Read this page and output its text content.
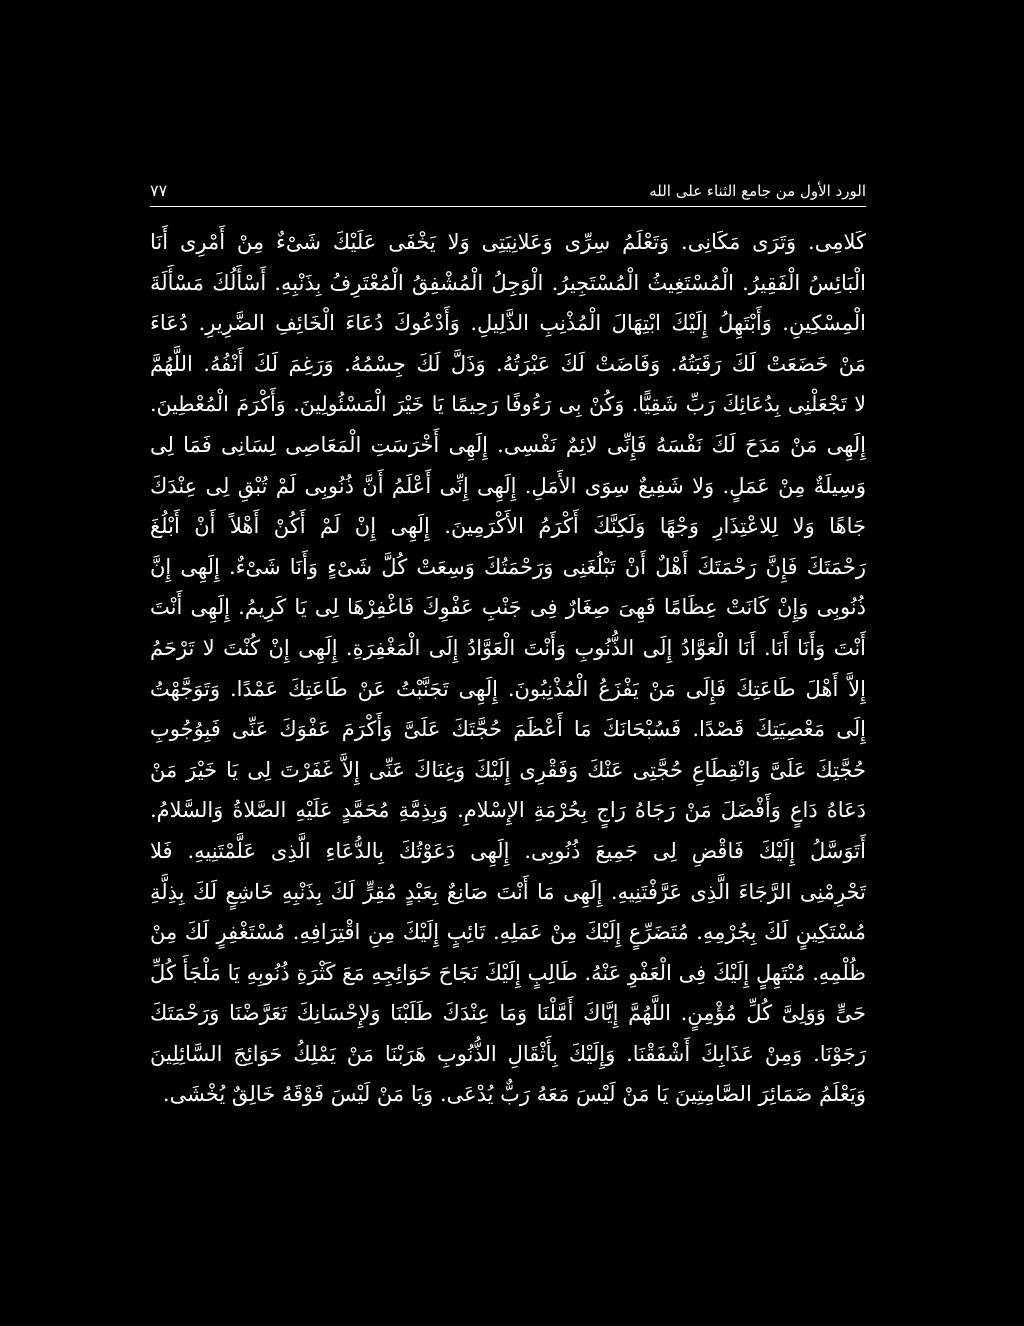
الورد الأول من جامع الثناء على الله
٧٧
كَلامِى. وَتَرَى مَكَانِى. وَتَعْلَمُ سِرِّى وَعَلانِيَتِى وَلا يَخْفَى عَلَيْكَ شَىْءٌ مِنْ أَمْرِى أَنَا
الْبَائِسُ الْفَقِيرُ. الْمُسْتَغِيثُ الْمُسْتَجِيرُ. الْوَجِلُ الْمُشْفِقُ الْمُعْتَرِفُ بِذَنْبِهِ. أَسْأَلُكَ مَسْأَلَةَ
الْمِسْكِينِ. وَأَبْتَهِلُ إِلَيْكَ ابْتِهَالَ الْمُذْنِبِ الذَّلِيلِ. وَأَدْعُوكَ دُعَاءَ الْخَائِفِ الضَّرِيرِ. دُعَاءَ
مَنْ خَضَعَتْ لَكَ رَقَبَتُهُ. وَفَاضَتْ لَكَ عَبْرَتُهُ. وَذَلَّ لَكَ جِسْمُهُ. وَرَغِمَ لَكَ أَنْفُهُ. اللَّهُمَّ
لا تَجْعَلْنِى بِدُعَائِكَ رَبِّ شَقِيًّا. وَكُنْ بِى رَءُوفًا رَحِيمًا يَا خَيْرَ الْمَسْئُولِينَ. وَأَكْرَمَ الْمُعْطِينَ.
إِلَهِى مَنْ مَدَحَ لَكَ نَفْسَهُ فَإِنِّى لائِمٌ نَفْسِى. إِلَهِى أَخْرَسَتِ الْمَعَاصِى لِسَانِى فَمَا لِى
وَسِيلَةٌ مِنْ عَمَلٍ. وَلا شَفِيعٌ سِوَى الأَمَلِ. إِلَهِى إِنِّى أَعْلَمُ أَنَّ ذُنُوبِى لَمْ تُبْقِ لِى عِنْدَكَ
جَاهًا وَلا لِلاعْتِذَارِ وَجْهًا وَلَكِنَّكَ أَكْرَمُ الأَكْرَمِينَ. إِلَهِى إِنْ لَمْ أَكُنْ أَهْلاً أَنْ أَبْلُغَ
رَحْمَتَكَ فَإِنَّ رَحْمَتَكَ أَهْلٌ أَنْ تَبْلُغَنِى وَرَحْمَتُكَ وَسِعَتْ كُلَّ شَىْءٍ وَأَنَا شَىْءٌ. إِلَهِى إِنَّ
ذُنُوبِى وَإِنْ كَانَتْ عِظَامًا فَهِىَ صِغَارٌ فِى جَنْبِ عَفْوِكَ فَاغْفِرْهَا لِى يَا كَرِيمُ. إِلَهِى أَنْتَ
أَنْتَ وَأَنَا أَنَا. أَنَا الْعَوَّادُ إِلَى الذُّنُوبِ وَأَنْتَ الْعَوَّادُ إِلَى الْمَغْفِرَةِ. إِلَهِى إِنْ كُنْتَ لا تَرْحَمُ
إِلاَّ أَهْلَ طَاعَتِكَ فَإِلَى مَنْ يَفْزَعُ الْمُذْنِبُونَ. إِلَهِى تَجَنَّبْتُ عَنْ طَاعَتِكَ عَمْدًا. وَتَوَجَّهْتُ
إِلَى مَعْصِيَتِكَ قَصْدًا. فَسُبْحَانَكَ مَا أَعْظَمَ حُجَّتَكَ عَلَىَّ وَأَكْرَمَ عَفْوَكَ عَنِّى فَبِوُجُوبِ
حُجَّتِكَ عَلَىَّ وَانْقِطَاعِ حُجَّتِى عَنْكَ وَفَقْرِى إِلَيْكَ وَغِنَاكَ عَنِّى إِلاَّ غَفَرْتَ لِى يَا خَيْرَ مَنْ
دَعَاهُ دَاعٍ وَأَفْضَلَ مَنْ رَجَاهُ رَاجٍ بِحُرْمَةِ الإِسْلامِ. وَبِذِمَّةِ مُحَمَّدٍ عَلَيْهِ الصَّلاةُ وَالسَّلامُ.
أَتَوَسَّلُ إِلَيْكَ فَاقْضِ لِى جَمِيعَ ذُنُوبِى. إِلَهِى دَعَوْتُكَ بِالدُّعَاءِ الَّذِى عَلَّمْتَنِيهِ. فَلا
تَحْرِمْنِى الرَّجَاءَ الَّذِى عَرَّفْتَنِيهِ. إِلَهِى مَا أَنْتَ صَانِعٌ بِعَبْدٍ مُقِرٍّ لَكَ بِذَنْبِهِ خَاشِعٍ لَكَ بِذِلَّةِ
مُسْتَكِينٍ لَكَ بِجُرْمِهِ. مُتَضَرِّعٍ إِلَيْكَ مِنْ عَمَلِهِ. تَائِبٍ إِلَيْكَ مِنِ اقْتِرَافِهِ. مُسْتَغْفِرٍ لَكَ مِنْ
ظُلْمِهِ. مُبْتَهِلٍ إِلَيْكَ فِى الْعَفْوِ عَنْهُ. طَالِبٍ إِلَيْكَ نَجَاحَ حَوَائِجِهِ مَعَ كَثْرَةِ ذُنُوبِهِ يَا مَلْجَأَ كُلِّ
حَىٍّ وَوَلِىَّ كُلِّ مُؤْمِنٍ. اللَّهُمَّ إِيَّاكَ أَمَّلْنَا وَمَا عِنْدَكَ طَلَبْنَا وَلإِحْسَانِكَ تَعَرَّضْنَا وَرَحْمَتَكَ
رَجَوْنَا. وَمِنْ عَذَابِكَ أَشْفَقْنَا. وَإِلَيْكَ بِأَثْقَالِ الذُّنُوبِ هَرَبْنَا مَنْ يَمْلِكُ حَوَائِجَ السَّائِلِينَ
وَيَعْلَمُ ضَمَائِرَ الصَّامِتِينَ يَا مَنْ لَيْسَ مَعَهُ رَبٌّ يُدْعَى. وَيَا مَنْ لَيْسَ فَوْقَهُ خَالِقٌ يُخْشَى.
